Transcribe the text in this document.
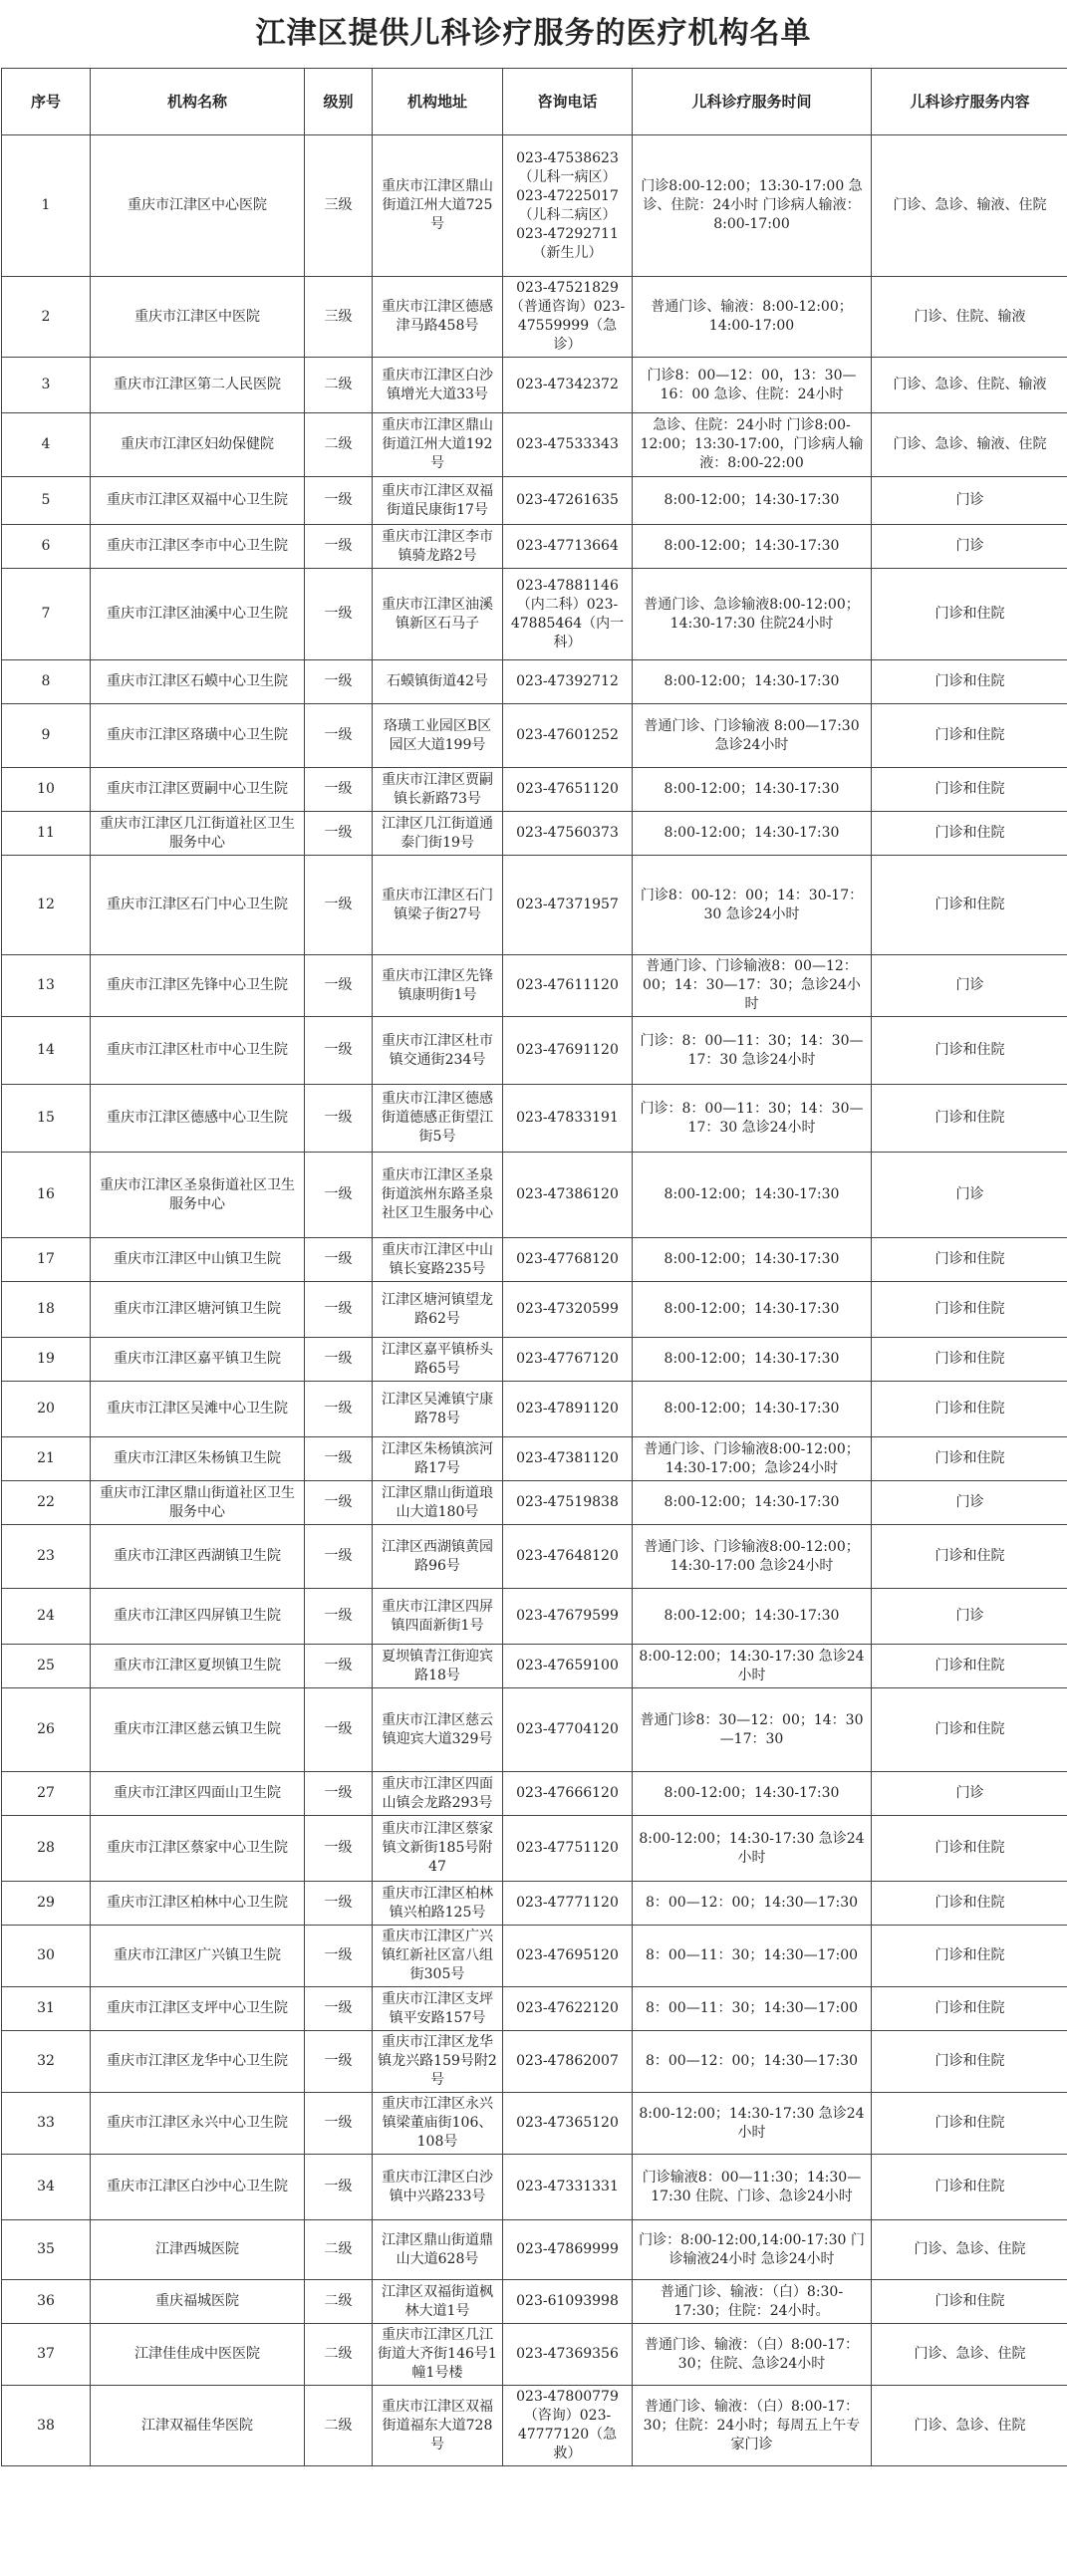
江津区提供儿科诊疗服务的医疗机构名单
序号	机构名称	级别	机构地址	咨询电话	儿科诊疗服务时间	儿科诊疗服务内容
1	重庆市江津区中心医院	三级	重庆市江津区鼎山街道江州大道725号	023-47538623（儿科一病区）023-47225017（儿科二病区）023-47292711（新生儿）	门诊8:00-12:00；13:30-17:00 急诊、住院：24小时 门诊病人输液：8:00-17:00	门诊、急诊、输液、住院
2	重庆市江津区中医院	三级	重庆市江津区德感津马路458号	023-47521829（普通咨询）023-47559999（急诊）	普通门诊、输液：8:00-12:00；14:00-17:00	门诊、住院、输液
3	重庆市江津区第二人民医院	二级	重庆市江津区白沙镇增光大道33号	023-47342372	门诊8：00—12：00，13：30—16：00 急诊、住院：24小时	门诊、急诊、住院、输液
4	重庆市江津区妇幼保健院	二级	重庆市江津区鼎山街道江州大道192号	023-47533343	急诊、住院：24小时 门诊8:00-12:00；13:30-17:00，门诊病人输液：8:00-22:00	门诊、急诊、输液、住院
5	重庆市江津区双福中心卫生院	一级	重庆市江津区双福街道民康街17号	023-47261635	8:00-12:00；14:30-17:30	门诊
6	重庆市江津区李市中心卫生院	一级	重庆市江津区李市镇骑龙路2号	023-47713664	8:00-12:00；14:30-17:30	门诊
7	重庆市江津区油溪中心卫生院	一级	重庆市江津区油溪镇新区石马子	023-47881146（内二科）023-47885464（内一科）	普通门诊、急诊输液8:00-12:00；14:30-17:30 住院24小时	门诊和住院
8	重庆市江津区石蟆中心卫生院	一级	石蟆镇街道42号	023-47392712	8:00-12:00；14:30-17:30	门诊和住院
9	重庆市江津区珞璜中心卫生院	一级	珞璜工业园区B区园区大道199号	023-47601252	普通门诊、门诊输液 8:00—17:30 急诊24小时	门诊和住院
10	重庆市江津区贾嗣中心卫生院	一级	重庆市江津区贾嗣镇长新路73号	023-47651120	8:00-12:00；14:30-17:30	门诊和住院
11	重庆市江津区几江街道社区卫生服务中心	一级	江津区几江街道通泰门街19号	023-47560373	8:00-12:00；14:30-17:30	门诊和住院
12	重庆市江津区石门中心卫生院	一级	重庆市江津区石门镇梁子街27号	023-47371957	门诊8：00-12：00；14：30-17：30 急诊24小时	门诊和住院
13	重庆市江津区先锋中心卫生院	一级	重庆市江津区先锋镇康明街1号	023-47611120	普通门诊、门诊输液8：00—12：00；14：30—17：30；急诊24小时	门诊
14	重庆市江津区杜市中心卫生院	一级	重庆市江津区杜市镇交通街234号	023-47691120	门诊：8：00—11：30；14：30—17：30 急诊24小时	门诊和住院
15	重庆市江津区德感中心卫生院	一级	重庆市江津区德感街道德感正街望江街5号	023-47833191	门诊：8：00—11：30；14：30—17：30 急诊24小时	门诊和住院
16	重庆市江津区圣泉街道社区卫生服务中心	一级	重庆市江津区圣泉街道滨州东路圣泉社区卫生服务中心	023-47386120	8:00-12:00；14:30-17:30	门诊
17	重庆市江津区中山镇卫生院	一级	重庆市江津区中山镇长宴路235号	023-47768120	8:00-12:00；14:30-17:30	门诊和住院
18	重庆市江津区塘河镇卫生院	一级	江津区塘河镇望龙路62号	023-47320599	8:00-12:00；14:30-17:30	门诊和住院
19	重庆市江津区嘉平镇卫生院	一级	江津区嘉平镇桥头路65号	023-47767120	8:00-12:00；14:30-17:30	门诊和住院
20	重庆市江津区吴滩中心卫生院	一级	江津区吴滩镇宁康路78号	023-47891120	8:00-12:00；14:30-17:30	门诊和住院
21	重庆市江津区朱杨镇卫生院	一级	江津区朱杨镇滨河路17号	023-47381120	普通门诊、门诊输液8:00-12:00；14:30-17:00；急诊24小时	门诊和住院
22	重庆市江津区鼎山街道社区卫生服务中心	一级	江津区鼎山街道琅山大道180号	023-47519838	8:00-12:00；14:30-17:30	门诊
23	重庆市江津区西湖镇卫生院	一级	江津区西湖镇黄园路96号	023-47648120	普通门诊、门诊输液8:00-12:00；14:30-17:00 急诊24小时	门诊和住院
24	重庆市江津区四屏镇卫生院	一级	重庆市江津区四屏镇四面新街1号	023-47679599	8:00-12:00；14:30-17:30	门诊
25	重庆市江津区夏坝镇卫生院	一级	夏坝镇青江街迎宾路18号	023-47659100	8:00-12:00；14:30-17:30 急诊24小时	门诊和住院
26	重庆市江津区慈云镇卫生院	一级	重庆市江津区慈云镇迎宾大道329号	023-47704120	普通门诊8：30—12：00；14：30—17：30	门诊和住院
27	重庆市江津区四面山卫生院	一级	重庆市江津区四面山镇会龙路293号	023-47666120	8:00-12:00；14:30-17:30	门诊
28	重庆市江津区蔡家中心卫生院	一级	重庆市江津区蔡家镇文新街185号附47	023-47751120	8:00-12:00；14:30-17:30 急诊24小时	门诊和住院
29	重庆市江津区柏林中心卫生院	一级	重庆市江津区柏林镇兴柏路125号	023-47771120	8：00—12：00；14:30—17:30	门诊和住院
30	重庆市江津区广兴镇卫生院	一级	重庆市江津区广兴镇红新社区富八组街305号	023-47695120	8：00—11：30；14:30—17:00	门诊和住院
31	重庆市江津区支坪中心卫生院	一级	重庆市江津区支坪镇平安路157号	023-47622120	8：00—11：30；14:30—17:00	门诊和住院
32	重庆市江津区龙华中心卫生院	一级	重庆市江津区龙华镇龙兴路159号附2号	023-47862007	8：00—12：00；14:30—17:30	门诊和住院
33	重庆市江津区永兴中心卫生院	一级	重庆市江津区永兴镇梁董庙街106、108号	023-47365120	8:00-12:00；14:30-17:30 急诊24小时	门诊和住院
34	重庆市江津区白沙中心卫生院	一级	重庆市江津区白沙镇中兴路233号	023-47331331	门诊输液8：00—11:30；14:30—17:30 住院、门诊、急诊24小时	门诊和住院
35	江津西城医院	二级	江津区鼎山街道鼎山大道628号	023-47869999	门诊：8:00-12:00,14:00-17:30 门诊输液24小时 急诊24小时	门诊、急诊、住院
36	重庆福城医院	二级	江津区双福街道枫林大道1号	023-61093998	普通门诊、输液：（白）8:30-17:30；住院：24小时。	门诊和住院
37	江津佳佳成中医医院	二级	重庆市江津区几江街道大齐街146号1幢1号楼	023-47369356	普通门诊、输液：（白）8:00-17：30；住院、急诊24小时	门诊、急诊、住院
38	江津双福佳华医院	二级	重庆市江津区双福街道福东大道728号	023-47800779（咨询）023-47777120（急救）	普通门诊、输液：（白）8:00-17：30；住院：24小时；每周五上午专家门诊	门诊、急诊、住院
